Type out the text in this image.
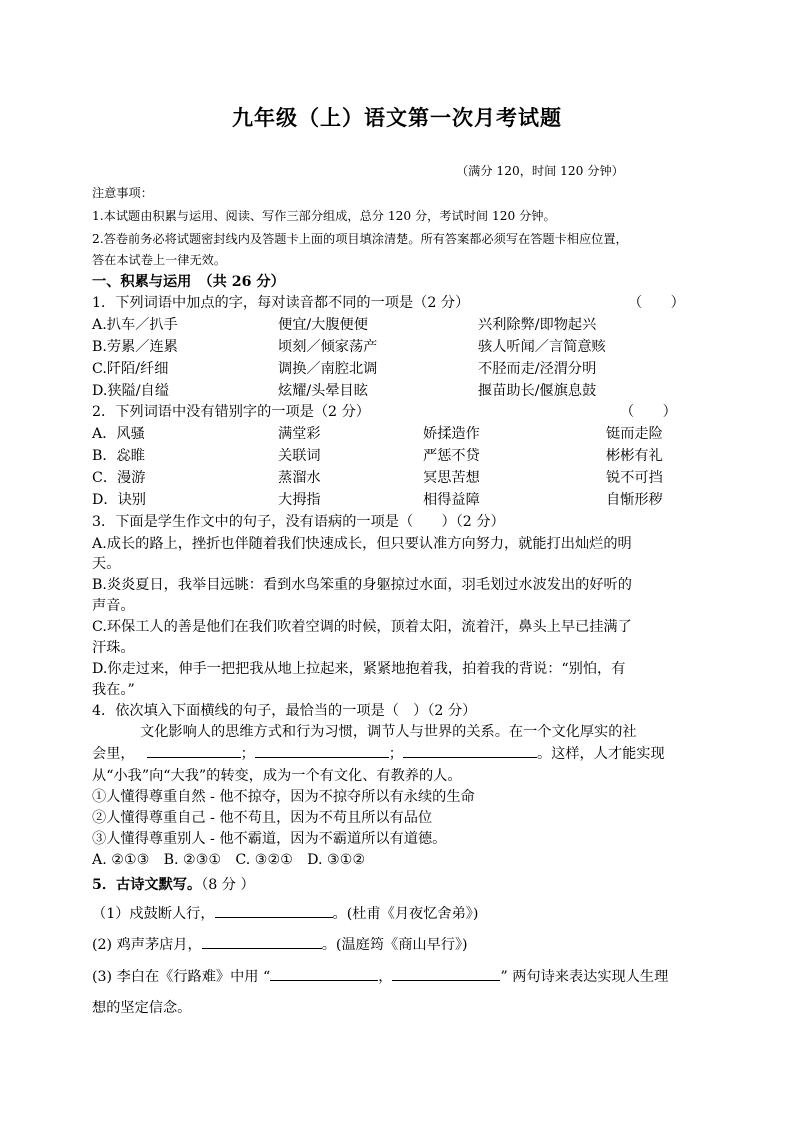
九年级（上）语文第一次月考试题
（满分 120，时间 120 分钟）
注意事项：
1.本试题由积累与运用、阅读、写作三部分组成，总分 120 分，考试时间 120 分钟。
2.答卷前务必将试题密封线内及答题卡上面的项目填涂清楚。所有答案都必须写在答题卡相应位置，
答在本试卷上一律无效。
一、积累与运用　（共 26 分）
1．下列词语中加点的字，每对读音都不同的一项是（2 分）	（　　）
A.扒车／扒手	便宜/大腹便便	兴利除弊/即物起兴
B.劳累／连累	顷刻／倾家荡产	骇人听闻／言简意赅
C.阡陌/纤细	调换／南腔北调	不胫而走/泾渭分明
D.狭隘/自缢	炫耀/头晕目眩	揠苗助长/偃旗息鼓
2．下列词语中没有错别字的一项是（2 分）	（　　）
A．风骚	满堂彩	娇揉造作	铤而走险
B．惢睢	关联词	严惩不贷	彬彬有礼
C．漫游	蒸溜水	冥思苦想	锐不可挡
D．诀别	大拇指	相得益障	自惭形秽
3．下面是学生作文中的句子，没有语病的一项是（　　）（2 分）
A.成长的路上，挫折也伴随着我们快速成长，但只要认准方向努力，就能打出灿烂的明
天。
B.炎炎夏日，我举目远眺：看到水鸟笨重的身躯掠过水面，羽毛划过水波发出的好听的
声音。
C.环保工人的善是他们在我们吹着空调的时候，顶着太阳，流着汗，鼻头上早已挂满了
汗珠。
D.你走过来，伸手一把把我从地上拉起来，紧紧地抱着我，拍着我的背说：“别怕，有
我在。”
4．依次填入下面横线的句子，最恰当的一项是（　）（2 分）
文化影响人的思维方式和行为习惯，调节人与世界的关系。在一个文化厚实的社
会里，	；	；	。这样，人才能实现
从“小我”向“大我”的转变，成为一个有文化、有教养的人。
①人懂得尊重自然 - 他不掠夺，因为不掠夺所以有永续的生命
②人懂得尊重自己 - 他不苟且，因为不苟且所以有品位
③人懂得尊重别人 - 他不霸道，因为不霸道所以有道德。
A. ②①③　B. ②③①　C. ③②①　D. ③①②
5．古诗文默写。（8 分 ）
（1）戍鼓断人行，	。(杜甫《月夜忆舍弟》)
(2) 鸡声茅店月，	。(温庭筠《商山早行》)
(3) 李白在《行路难》中用 “	，	” 两句诗来表达实现人生理
想的坚定信念。
